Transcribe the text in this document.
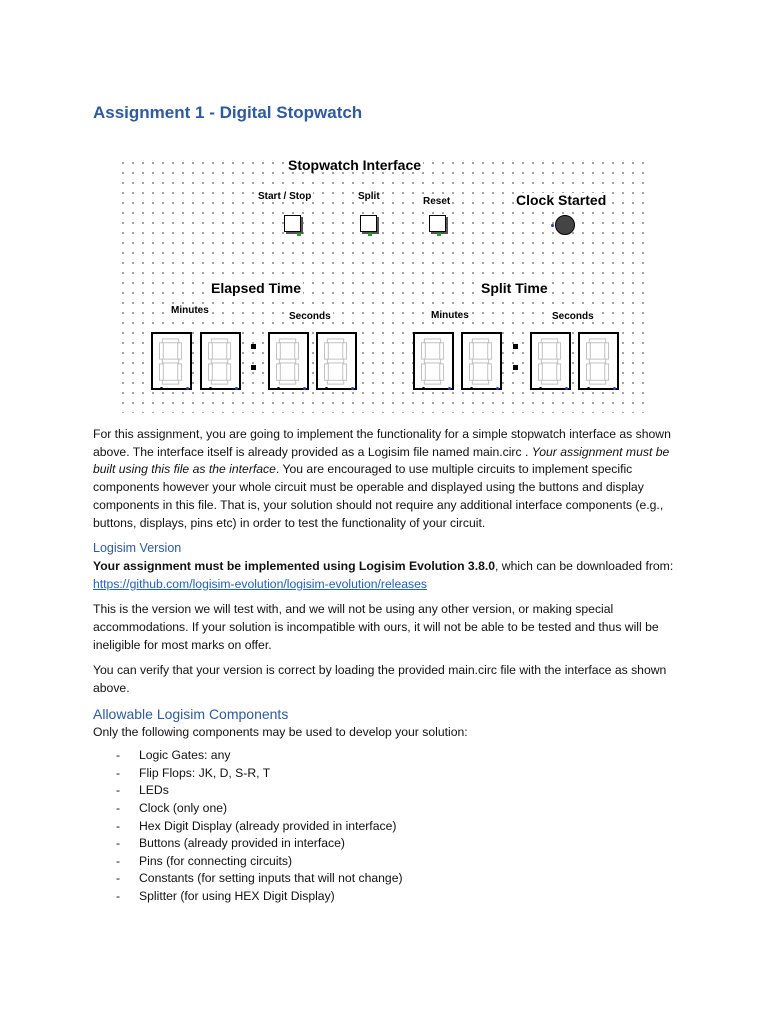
Assignment 1 - Digital Stopwatch
Stopwatch Interface
Start / Stop	Split	Reset	Clock Started
Elapsed Time
Minutes
Seconds
Split Time
Minutes	Seconds

For this assignment, you are going to implement the functionality for a simple stopwatch interface as shown above. The interface itself is already provided as a Logisim file named main.circ . Your assignment must be built using this file as the interface. You are encouraged to use multiple circuits to implement specific components however your whole circuit must be operable and displayed using the buttons and display components in this file. That is, your solution should not require any additional interface components (e.g., buttons, displays, pins etc) in order to test the functionality of your circuit.

Logisim Version

Your assignment must be implemented using Logisim Evolution 3.8.0, which can be downloaded from: https://github.com/logisim-evolution/logisim-evolution/releases

This is the version we will test with, and we will not be using any other version, or making special accommodations. If your solution is incompatible with ours, it will not be able to be tested and thus will be ineligible for most marks on offer.

You can verify that your version is correct by loading the provided main.circ file with the interface as shown above.

Allowable Logisim Components
Only the following components may be used to develop your solution:
- Logic Gates: any
- Flip Flops: JK, D, S-R, T
- LEDs
- Clock (only one)
- Hex Digit Display (already provided in interface)
- Buttons (already provided in interface)
- Pins (for connecting circuits)
- Constants (for setting inputs that will not change)
- Splitter (for using HEX Digit Display)
